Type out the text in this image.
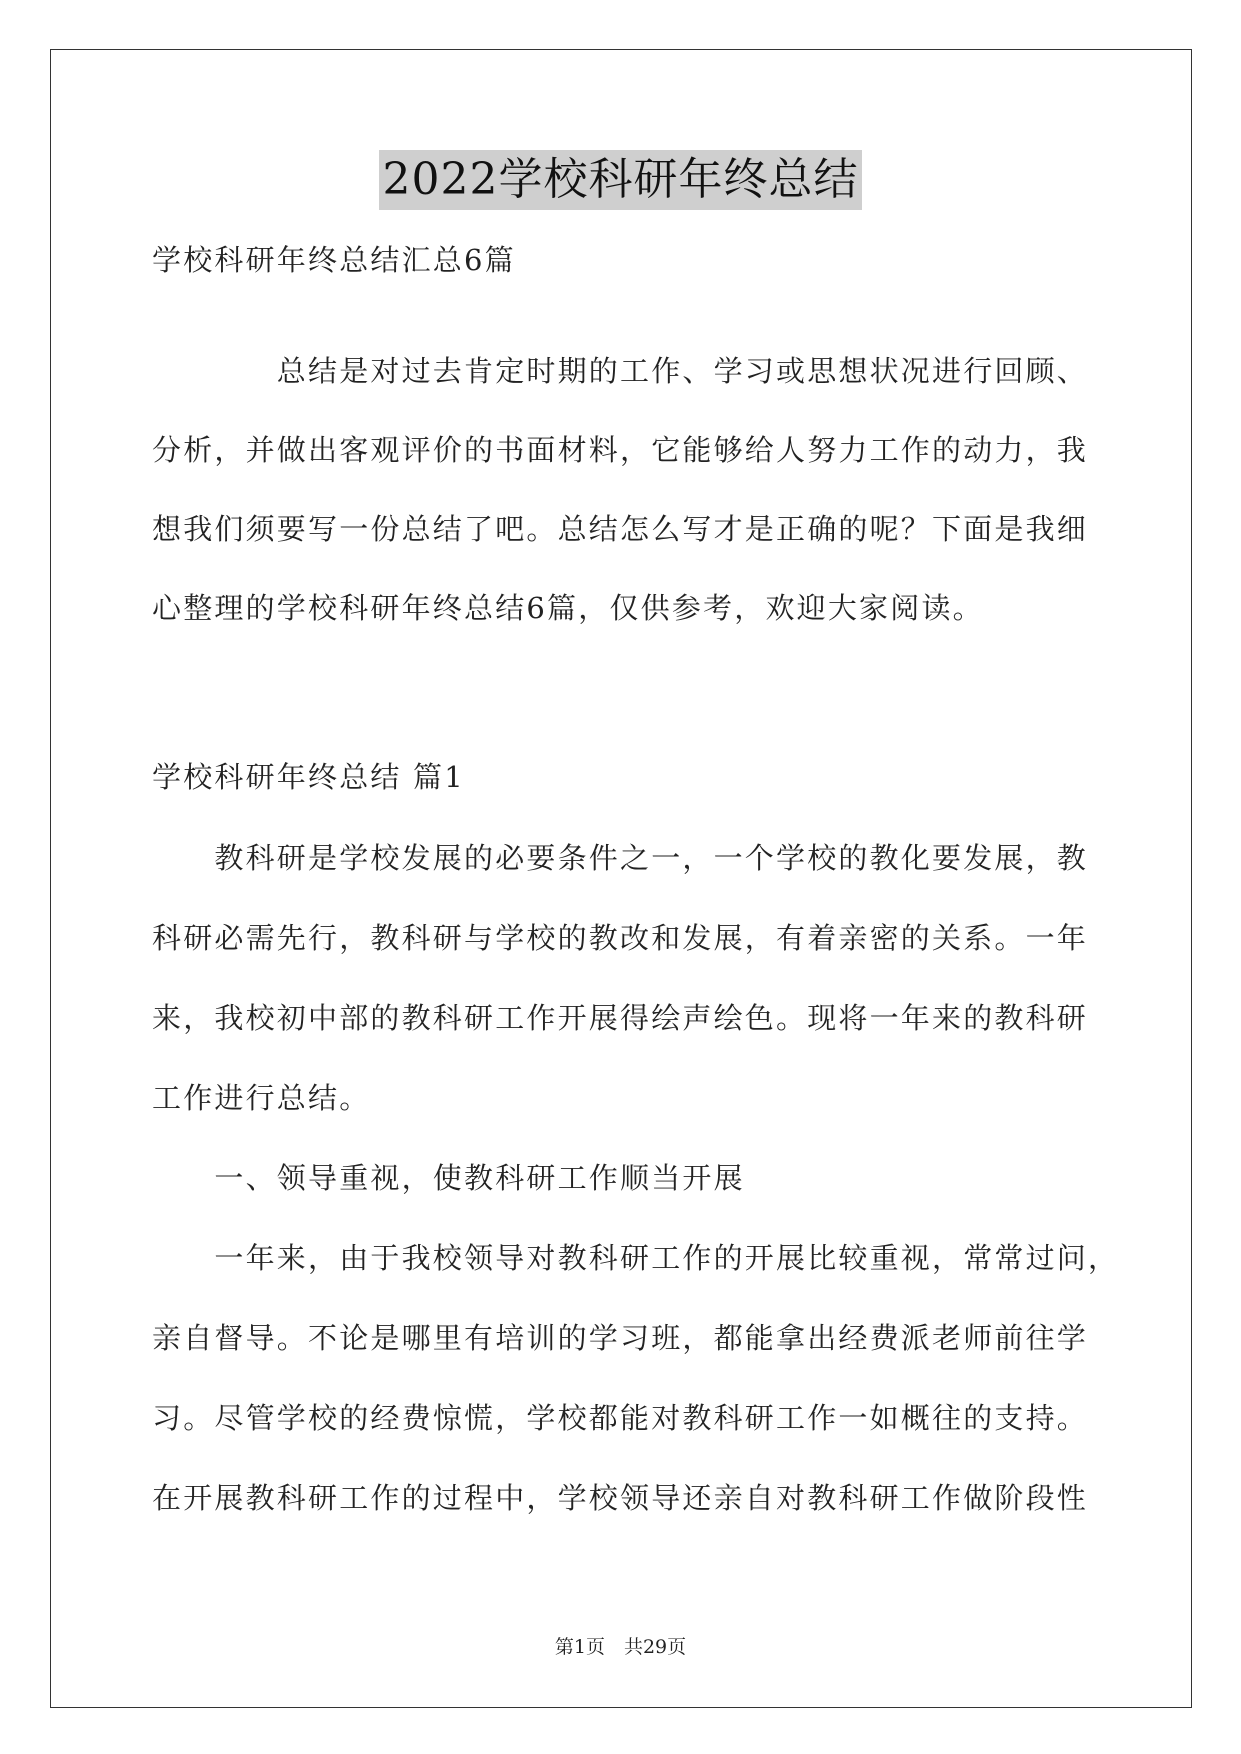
2022学校科研年终总结
学校科研年终总结汇总6篇
　　　　总结是对过去肯定时期的工作、学习或思想状况进行回顾、
分析，并做出客观评价的书面材料，它能够给人努力工作的动力，我
想我们须要写一份总结了吧。总结怎么写才是正确的呢？下面是我细
心整理的学校科研年终总结6篇，仅供参考，欢迎大家阅读。
学校科研年终总结 篇1
　　教科研是学校发展的必要条件之一，一个学校的教化要发展，教
科研必需先行，教科研与学校的教改和发展，有着亲密的关系。一年
来，我校初中部的教科研工作开展得绘声绘色。现将一年来的教科研
工作进行总结。
　　一、领导重视，使教科研工作顺当开展
　　一年来，由于我校领导对教科研工作的开展比较重视，常常过问，
亲自督导。不论是哪里有培训的学习班，都能拿出经费派老师前往学
习。尽管学校的经费惊慌，学校都能对教科研工作一如概往的支持。
在开展教科研工作的过程中，学校领导还亲自对教科研工作做阶段性
第1页　共29页
